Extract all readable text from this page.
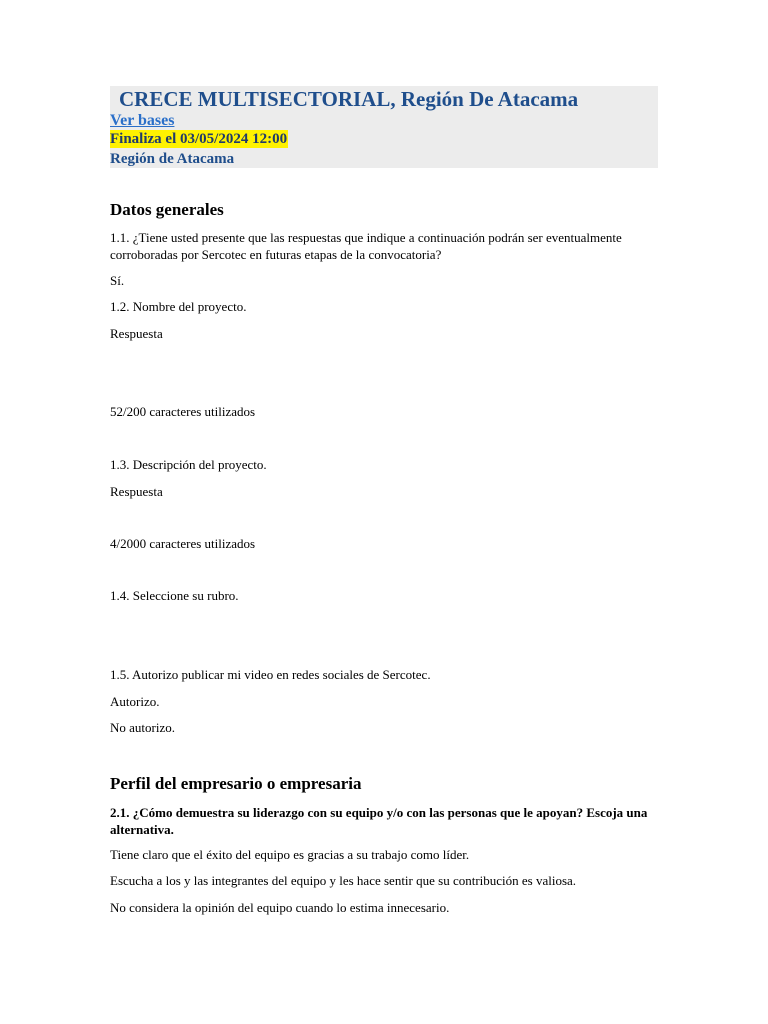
CRECE MULTISECTORIAL, Región De Atacama
Ver bases
Finaliza el 03/05/2024 12:00
Región de Atacama
Datos generales
1.1. ¿Tiene usted presente que las respuestas que indique a continuación podrán ser eventualmente corroboradas por Sercotec en futuras etapas de la convocatoria?
Sí.
1.2. Nombre del proyecto.
Respuesta
52/200 caracteres utilizados
1.3. Descripción del proyecto.
Respuesta
4/2000 caracteres utilizados
1.4. Seleccione su rubro.
1.5. Autorizo publicar mi video en redes sociales de Sercotec.
Autorizo.
No autorizo.
Perfil del empresario o empresaria
2.1. ¿Cómo demuestra su liderazgo con su equipo y/o con las personas que le apoyan? Escoja una alternativa.
Tiene claro que el éxito del equipo es gracias a su trabajo como líder.
Escucha a los y las integrantes del equipo y les hace sentir que su contribución es valiosa.
No considera la opinión del equipo cuando lo estima innecesario.
